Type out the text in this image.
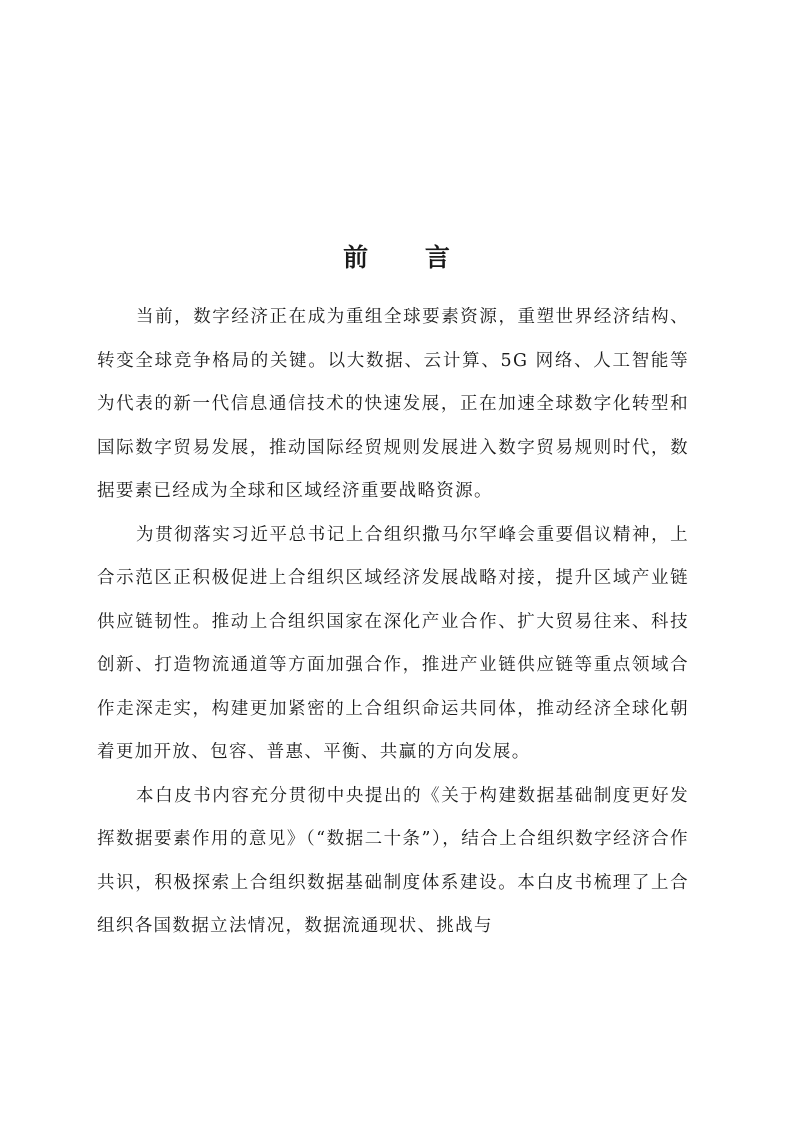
前 言

当前，数字经济正在成为重组全球要素资源，重塑世界经济结构、转变全球竞争格局的关键。以大数据、云计算、5G 网络、人工智能等为代表的新一代信息通信技术的快速发展，正在加速全球数字化转型和国际数字贸易发展，推动国际经贸规则发展进入数字贸易规则时代，数据要素已经成为全球和区域经济重要战略资源。

为贯彻落实习近平总书记上合组织撒马尔罕峰会重要倡议精神，上合示范区正积极促进上合组织区域经济发展战略对接，提升区域产业链供应链韧性。推动上合组织国家在深化产业合作、扩大贸易往来、科技创新、打造物流通道等方面加强合作，推进产业链供应链等重点领域合作走深走实，构建更加紧密的上合组织命运共同体，推动经济全球化朝着更加开放、包容、普惠、平衡、共赢的方向发展。

本白皮书内容充分贯彻中央提出的《关于构建数据基础制度更好发挥数据要素作用的意见》（“数据二十条”），结合上合组织数字经济合作共识，积极探索上合组织数据基础制度体系建设。本白皮书梳理了上合组织各国数据立法情况，数据流通现状、挑战与
